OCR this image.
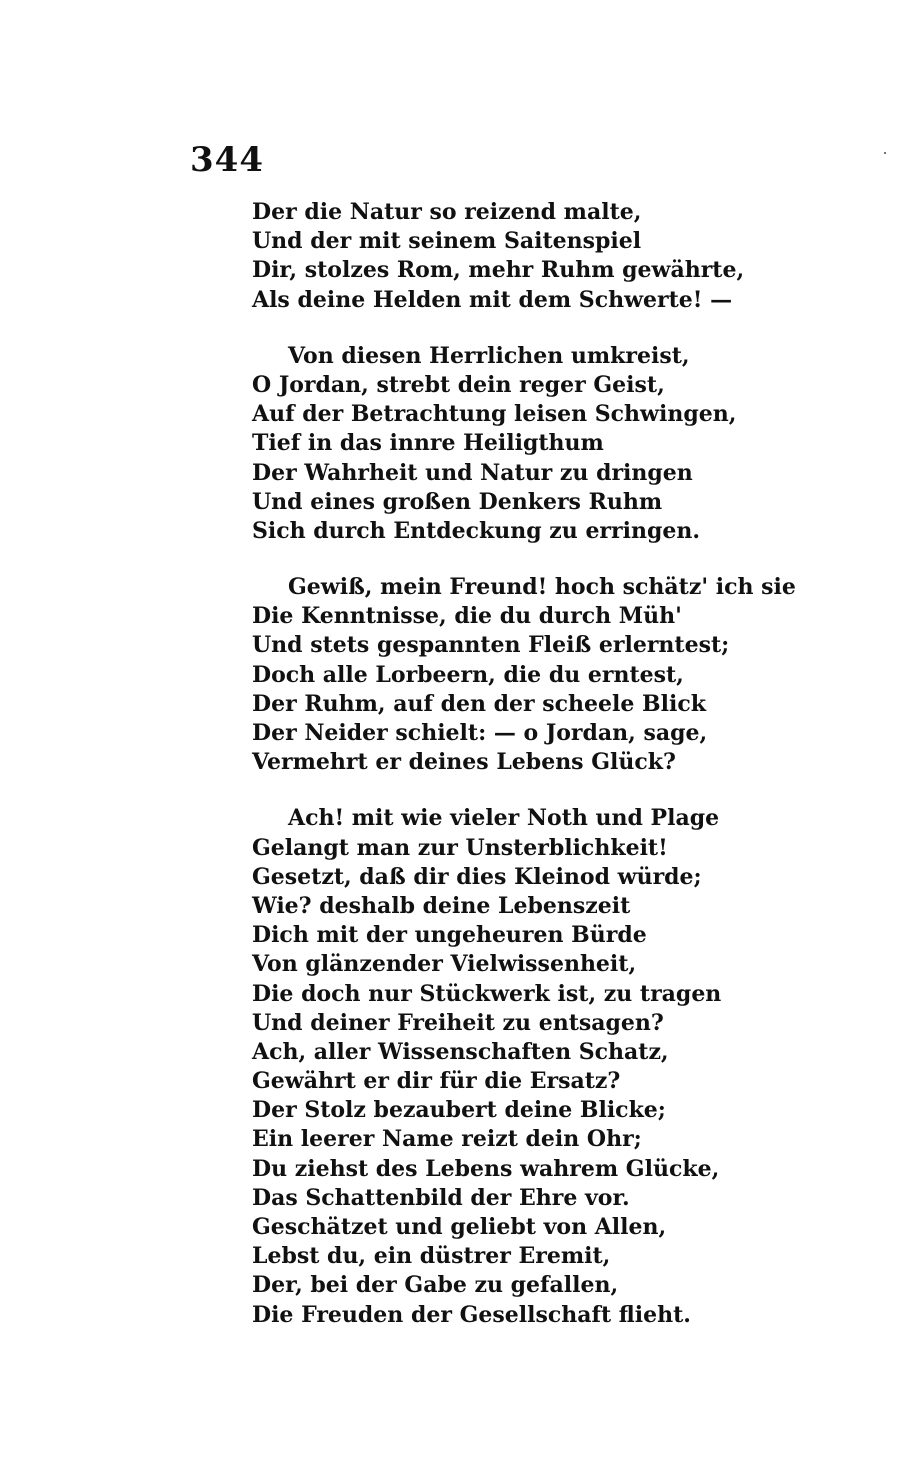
344
Der die Natur so reizend malte,
Und der mit seinem Saitenspiel
Dir, stolzes Rom, mehr Ruhm gewährte,
Als deine Helden mit dem Schwerte! —
Von diesen Herrlichen umkreist,
O Jordan, strebt dein reger Geist,
Auf der Betrachtung leisen Schwingen,
Tief in das innre Heiligthum
Der Wahrheit und Natur zu dringen
Und eines großen Denkers Ruhm
Sich durch Entdeckung zu erringen.
Gewiß, mein Freund! hoch schätz' ich sie
Die Kenntnisse, die du durch Müh'
Und stets gespannten Fleiß erlerntest;
Doch alle Lorbeern, die du erntest,
Der Ruhm, auf den der scheele Blick
Der Neider schielt: — o Jordan, sage,
Vermehrt er deines Lebens Glück?
Ach! mit wie vieler Noth und Plage
Gelangt man zur Unsterblichkeit!
Gesetzt, daß dir dies Kleinod würde;
Wie? deshalb deine Lebenszeit
Dich mit der ungeheuren Bürde
Von glänzender Vielwissenheit,
Die doch nur Stückwerk ist, zu tragen
Und deiner Freiheit zu entsagen?
Ach, aller Wissenschaften Schatz,
Gewährt er dir für die Ersatz?
Der Stolz bezaubert deine Blicke;
Ein leerer Name reizt dein Ohr;
Du ziehst des Lebens wahrem Glücke,
Das Schattenbild der Ehre vor.
Geschätzet und geliebt von Allen,
Lebst du, ein düstrer Eremit,
Der, bei der Gabe zu gefallen,
Die Freuden der Gesellschaft flieht.
